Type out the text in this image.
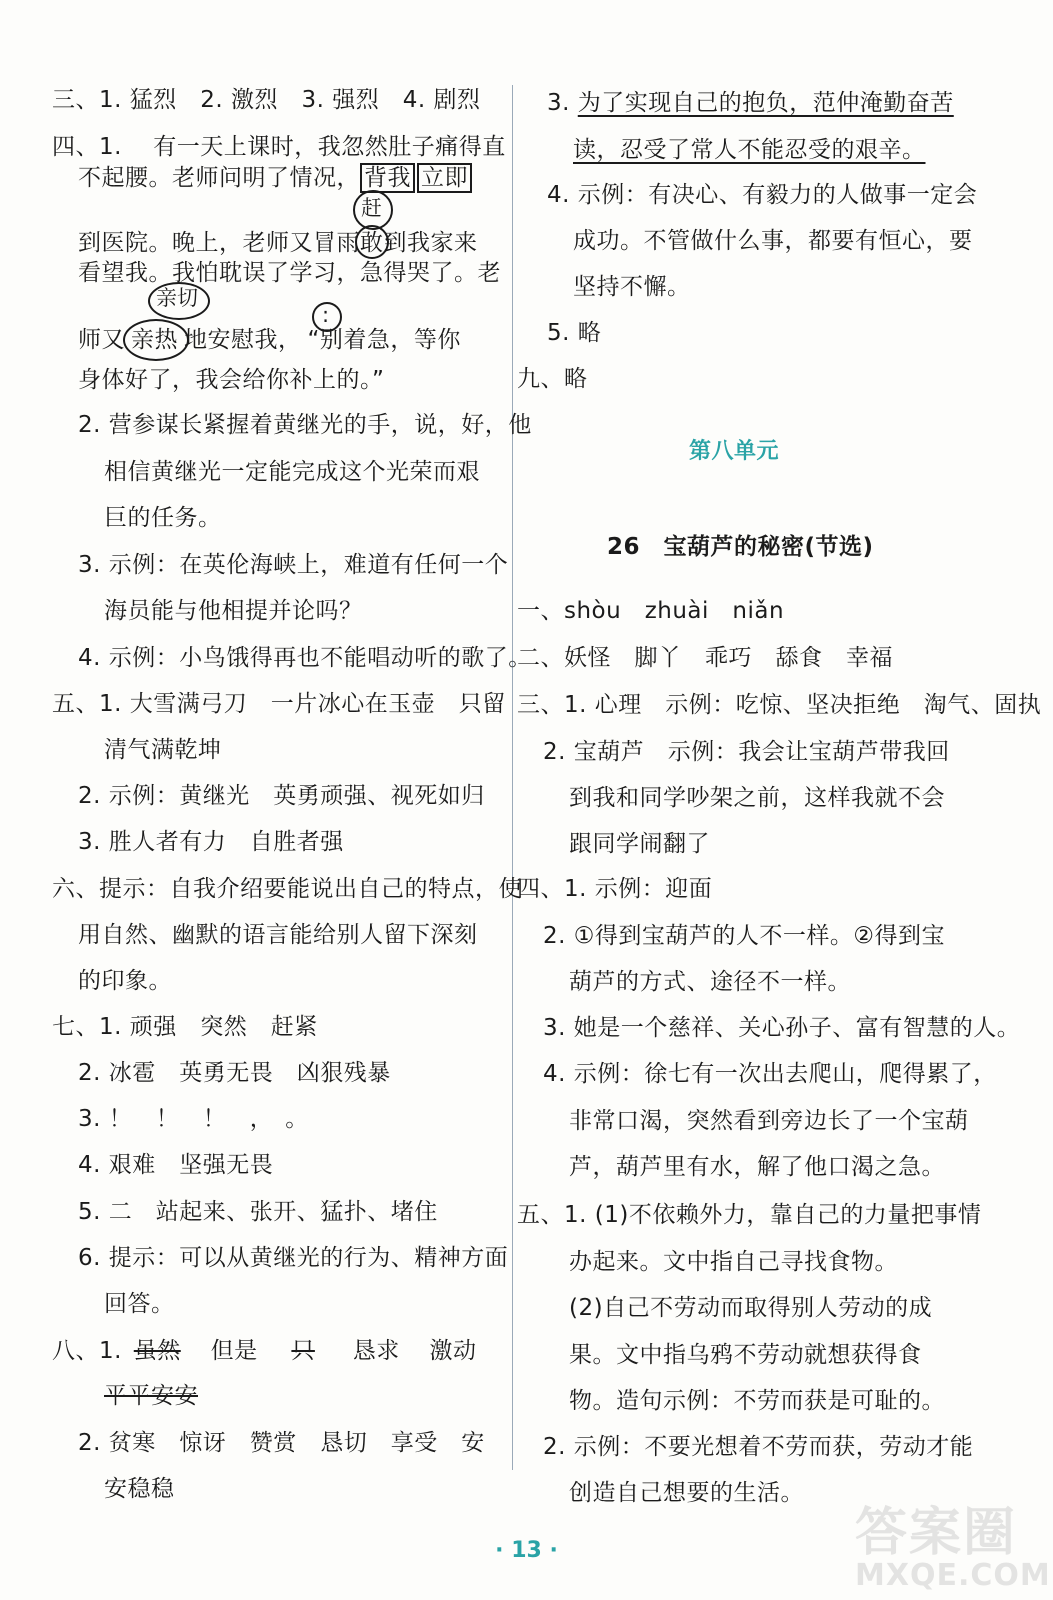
三、1. 猛烈　2. 激烈　3. 强烈　4. 剧烈
四、1.　 有一天上课时，我忽然肚子痛得直
不起腰。老师问明了情况， 背我 立即
赶
到医院。晚上，老师又冒雨敢
到我家来
看望我。我怕耽误了学习，急得哭了。老
亲切
:
师又 亲热 地安慰我， “别着急，等你
身体好了，我会给你补上的。”
2. 营参谋长紧握着黄继光的手，说，好，他
相信黄继光一定能完成这个光荣而艰
巨的任务。
3. 示例：在英伦海峡上，难道有任何一个
海员能与他相提并论吗？
4. 示例：小鸟饿得再也不能唱动听的歌了。
五、1. 大雪满弓刀　一片冰心在玉壶　只留
清气满乾坤
2. 示例：黄继光　英勇顽强、视死如归
3. 胜人者有力　自胜者强
六、提示：自我介绍要能说出自己的特点，使
用自然、幽默的语言能给别人留下深刻
的印象。
七、1. 顽强　突然　赶紧
2. 冰雹　英勇无畏　凶狠残暴
3. ！　！　！　，　。
4. 艰难　坚强无畏
5. 二　站起来、张开、猛扑、堵住
6. 提示：可以从黄继光的行为、精神方面
回答。
八、1. 虽然 但是 只 恳求 激动
平平安安
2. 贫寒　惊讶　赞赏　恳切　享受　安
安稳稳
3. 为了实现自己的抱负，范仲淹勤奋苦
读，忍受了常人不能忍受的艰辛。
4. 示例：有决心、有毅力的人做事一定会
成功。不管做什么事，都要有恒心，要
坚持不懈。
5. 略
九、略
第八单元
26　宝葫芦的秘密(节选)
一、shòu　zhuài　niǎn
二、妖怪　脚丫　乖巧　舔食　幸福
三、1. 心理　示例：吃惊、坚决拒绝　淘气、固执
2. 宝葫芦　示例：我会让宝葫芦带我回
到我和同学吵架之前，这样我就不会
跟同学闹翻了
四、1. 示例：迎面
2. ①得到宝葫芦的人不一样。②得到宝
葫芦的方式、途径不一样。
3. 她是一个慈祥、关心孙子、富有智慧的人。
4. 示例：徐七有一次出去爬山，爬得累了，
非常口渴，突然看到旁边长了一个宝葫
芦，葫芦里有水，解了他口渴之急。
五、1. (1)不依赖外力，靠自己的力量把事情
办起来。文中指自己寻找食物。
(2)自己不劳动而取得别人劳动的成
果。文中指乌鸦不劳动就想获得食
物。造句示例：不劳而获是可耻的。
2. 示例：不要光想着不劳而获，劳动才能
创造自己想要的生活。
· 13 ·	答案圈
MXQE.COM
